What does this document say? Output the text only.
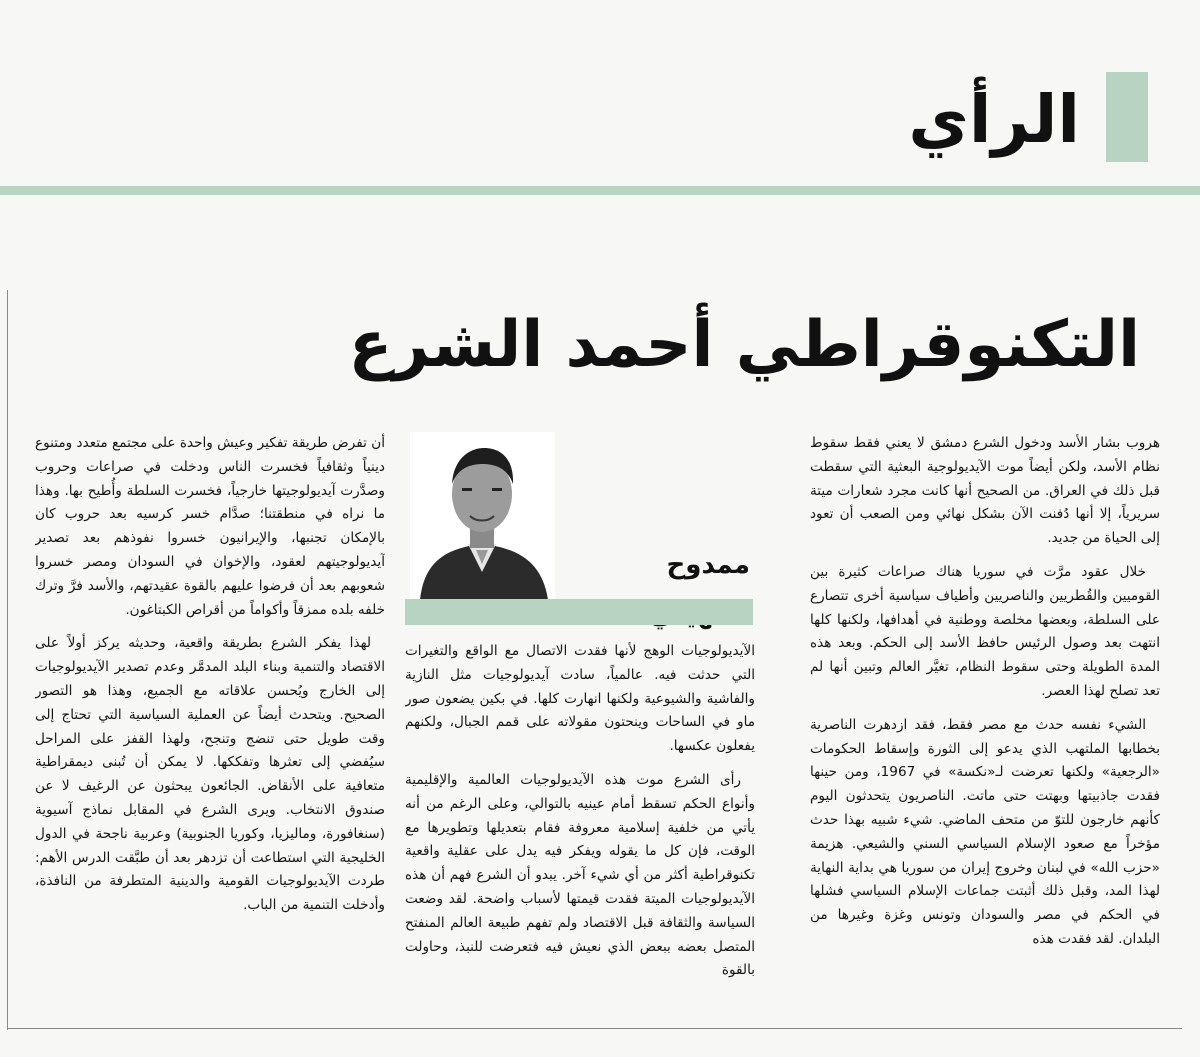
الرأي
التكنوقراطي أحمد الشرع

هروب بشار الأسد ودخول الشرع دمشق لا يعني فقط سقوط نظام الأسد، ولكن أيضاً موت الآيديولوجية البعثية التي سقطت قبل ذلك في العراق. من الصحيح أنها كانت مجرد شعارات ميتة سريرياً، إلا أنها دُفنت الآن بشكل نهائي ومن الصعب أن تعود إلى الحياة من جديد.

خلال عقود مرَّت في سوريا هناك صراعات كثيرة بين القوميين والقُطريين والناصريين وأطياف سياسية أخرى تتصارع على السلطة، وبعضها مخلصة ووطنية في أهدافها، ولكنها كلها انتهت بعد وصول الرئيس حافظ الأسد إلى الحكم. وبعد هذه المدة الطويلة وحتى سقوط النظام، تغيَّر العالم وتبين أنها لم تعد تصلح لهذا العصر.

الشيء نفسه حدث مع مصر فقط، فقد ازدهرت الناصرية بخطابها الملتهب الذي يدعو إلى الثورة وإسقاط الحكومات «الرجعية» ولكنها تعرضت لـ«نكسة» في 1967، ومن حينها فقدت جاذبيتها وبهتت حتى ماتت. الناصريون يتحدثون اليوم كأنهم خارجون للتوّ من متحف الماضي. شيء شبيه بهذا حدث مؤخراً مع صعود الإسلام السياسي السني والشيعي. هزيمة «حزب الله» في لبنان وخروج إيران من سوريا هي بداية النهاية لهذا المد، وقبل ذلك أثبتت جماعات الإسلام السياسي فشلها في الحكم في مصر والسودان وتونس وغزة وغيرها من البلدان. لقد فقدت هذه

ممدوح

الآيديولوجيات الوهج لأنها فقدت الاتصال مع الواقع والتغيرات التي حدثت فيه. عالمياً، سادت آيديولوجيات مثل النازية والفاشية والشيوعية ولكنها انهارت كلها. في بكين يضعون صور ماو في الساحات وينحتون مقولاته على قمم الجبال، ولكنهم يفعلون عكسها.

رأى الشرع موت هذه الآيديولوجيات العالمية والإقليمية وأنواع الحكم تسقط أمام عينيه بالتوالي، وعلى الرغم من أنه يأتي من خلفية إسلامية معروفة فقام بتعديلها وتطويرها مع الوقت، فإن كل ما يقوله ويفكر فيه يدل على عقلية واقعية تكنوقراطية أكثر من أي شيء آخر. يبدو أن الشرع فهم أن هذه الآيديولوجيات الميتة فقدت قيمتها لأسباب واضحة. لقد وضعت السياسة والثقافة قبل الاقتصاد ولم تفهم طبيعة العالم المنفتح المتصل بعضه ببعض الذي نعيش فيه فتعرضت للنبذ، وحاولت بالقوة

أن تفرض طريقة تفكير وعيش واحدة على مجتمع متعدد ومتنوع دينياً وثقافياً فخسرت الناس ودخلت في صراعات وحروب وصدَّرت آيديولوجيتها خارجياً، فخسرت السلطة وأُطيح بها. وهذا ما نراه في منطقتنا؛ صدَّام خسر كرسيه بعد حروب كان بالإمكان تجنبها، والإيرانيون خسروا نفوذهم بعد تصدير آيديولوجيتهم لعقود، والإخوان في السودان ومصر خسروا شعوبهم بعد أن فرضوا عليهم بالقوة عقيدتهم، والأسد فرَّ وترك خلفه بلده ممزقاً وأكواماً من أقراص الكبتاغون.

لهذا يفكر الشرع بطريقة واقعية، وحديثه يركز أولاً على الاقتصاد والتنمية وبناء البلد المدمَّر وعدم تصدير الآيديولوجيات إلى الخارج ويُحسن علاقاته مع الجميع، وهذا هو التصور الصحيح. ويتحدث أيضاً عن العملية السياسية التي تحتاج إلى وقت طويل حتى تنضج وتنجح، ولهذا القفز على المراحل سيُفضي إلى تعثرها وتفككها. لا يمكن أن تُبنى ديمقراطية متعافية على الأنقاض. الجائعون يبحثون عن الرغيف لا عن صندوق الانتخاب. ويرى الشرع في المقابل نماذج آسيوية (سنغافورة، وماليزيا، وكوريا الجنوبية) وعربية ناجحة في الدول الخليجية التي استطاعت أن تزدهر بعد أن طبَّقت الدرس الأهم: طردت الآيديولوجيات القومية والدينية المتطرفة من النافذة، وأدخلت التنمية من الباب.
